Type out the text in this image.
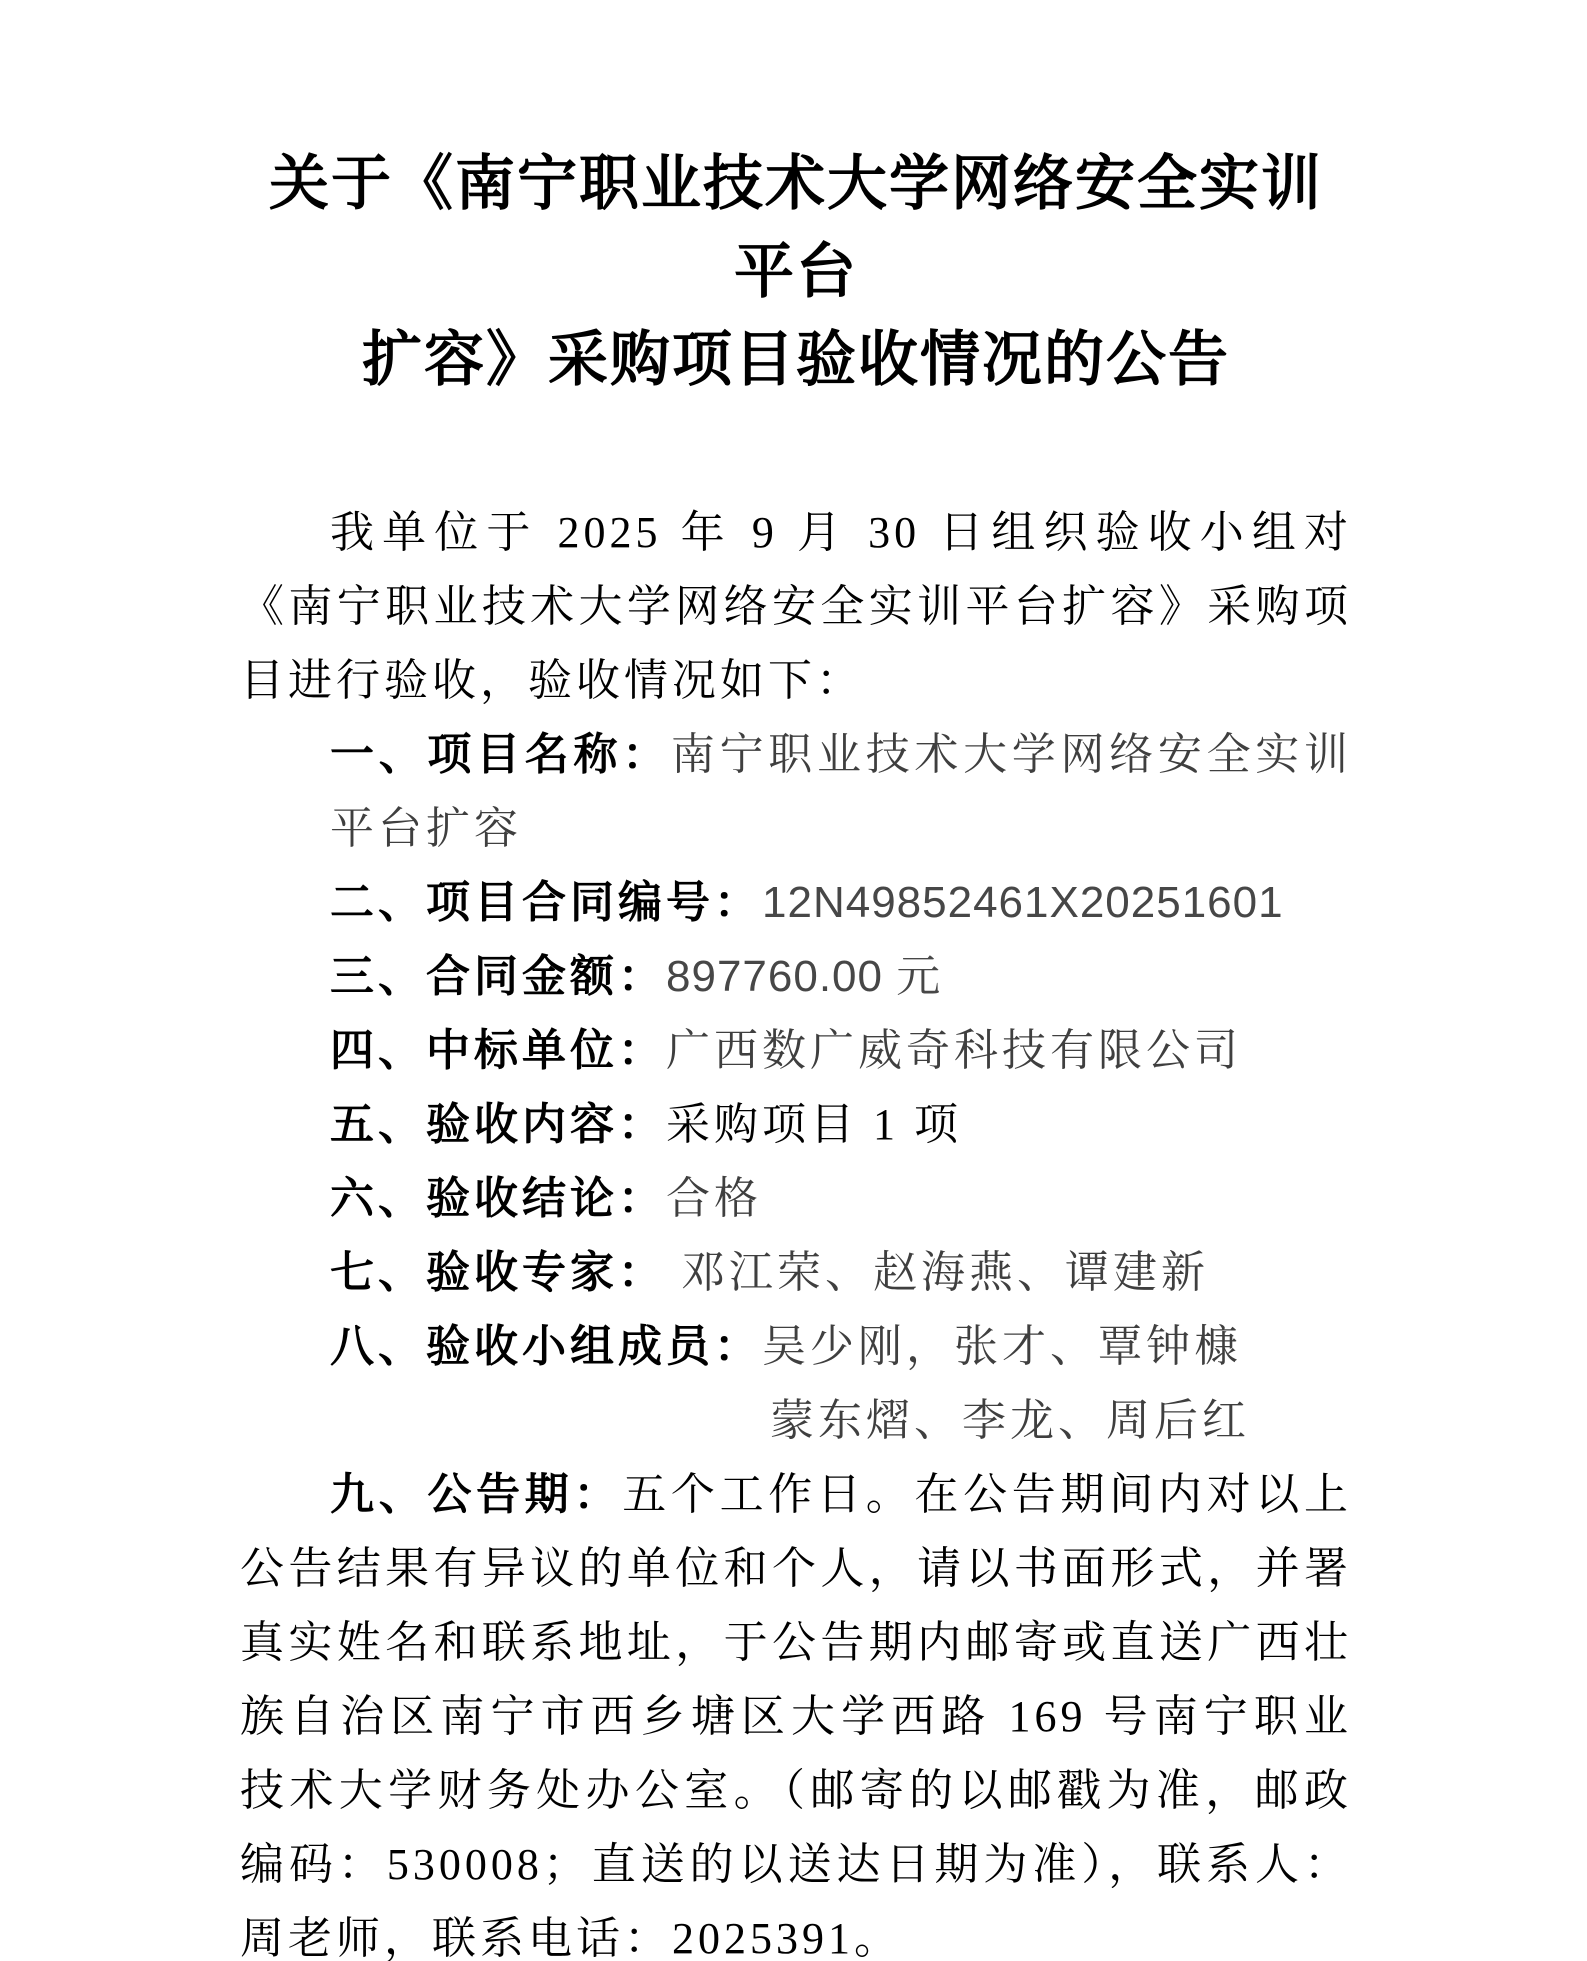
关于《南宁职业技术大学网络安全实训平台
扩容》采购项目验收情况的公告

我单位于 2025 年 9 月 30 日组织验收小组对《南宁职业技术大学网络安全实训平台扩容》采购项目进行验收，验收情况如下：

一、项目名称：南宁职业技术大学网络安全实训平台扩容
二、项目合同编号：12N49852461X20251601
三、合同金额：897760.00 元
四、中标单位：广西数广威奇科技有限公司
五、验收内容：采购项目 1 项
六、验收结论：合格
七、验收专家： 邓江荣、赵海燕、谭建新
八、验收小组成员：吴少刚，张才、覃钟槺
蒙东熠、李龙、周后红

九、公告期：五个工作日。在公告期间内对以上公告结果有异议的单位和个人，请以书面形式，并署真实姓名和联系地址，于公告期内邮寄或直送广西壮族自治区南宁市西乡塘区大学西路 169 号南宁职业技术大学财务处办公室。（邮寄的以邮戳为准，邮政编码：530008；直送的以送达日期为准），联系人：周老师，联系电话：2025391。
